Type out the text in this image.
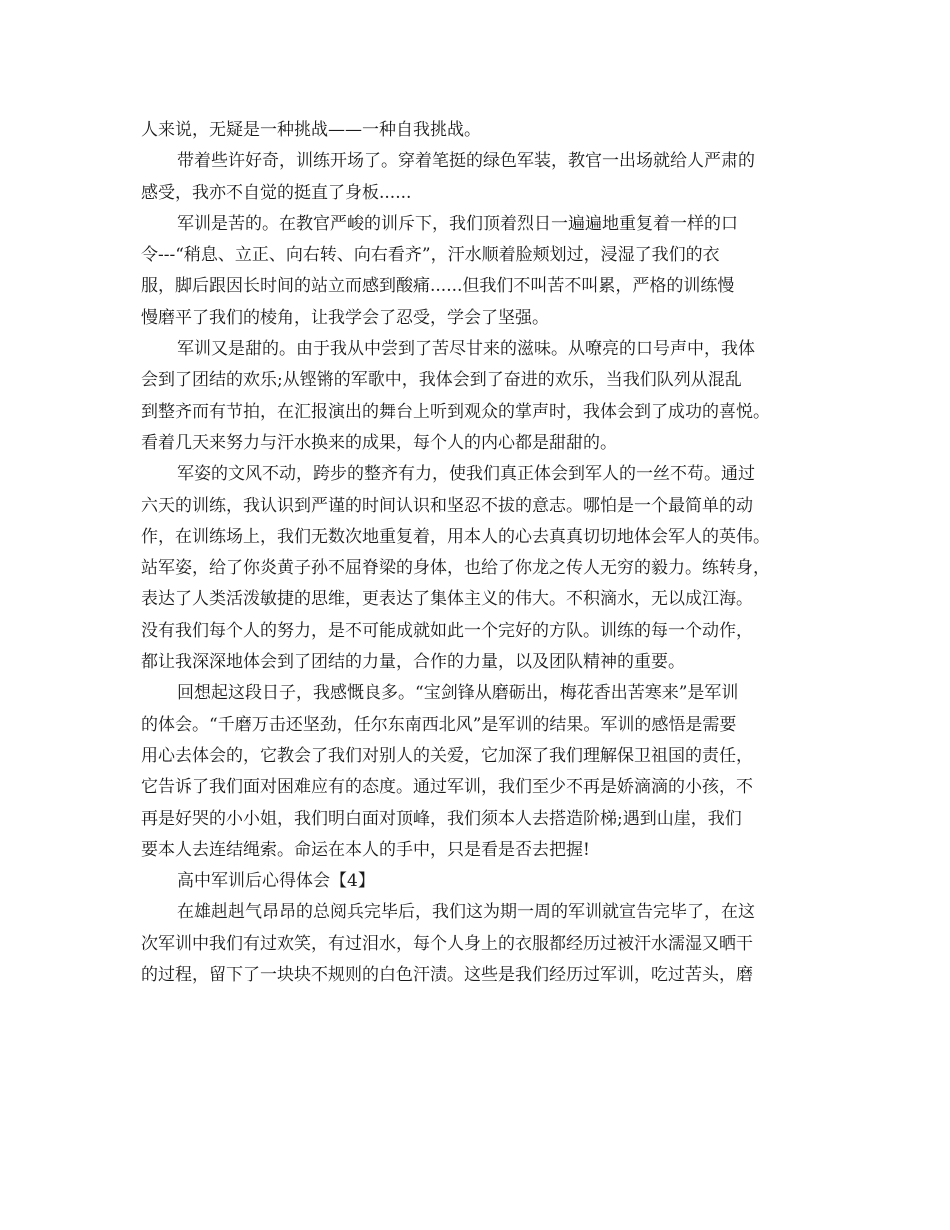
人来说，无疑是一种挑战——一种自我挑战。

带着些许好奇，训练开场了。穿着笔挺的绿色军装，教官一出场就给人严肃的

感受，我亦不自觉的挺直了身板......

军训是苦的。在教官严峻的训斥下，我们顶着烈日一遍遍地重复着一样的口

令---“稍息、立正、向右转、向右看齐”，汗水顺着脸颊划过，浸湿了我们的衣

服，脚后跟因长时间的站立而感到酸痛......但我们不叫苦不叫累，严格的训练慢

慢磨平了我们的棱角，让我学会了忍受，学会了坚强。

军训又是甜的。由于我从中尝到了苦尽甘来的滋味。从嘹亮的口号声中，我体

会到了团结的欢乐;从铿锵的军歌中，我体会到了奋进的欢乐，当我们队列从混乱

到整齐而有节拍，在汇报演出的舞台上听到观众的掌声时，我体会到了成功的喜悦。

看着几天来努力与汗水换来的成果，每个人的内心都是甜甜的。

军姿的文风不动，跨步的整齐有力，使我们真正体会到军人的一丝不苟。通过

六天的训练，我认识到严谨的时间认识和坚忍不拔的意志。哪怕是一个最简单的动

作，在训练场上，我们无数次地重复着，用本人的心去真真切切地体会军人的英伟。

站军姿，给了你炎黄子孙不屈脊梁的身体，也给了你龙之传人无穷的毅力。练转身，

表达了人类活泼敏捷的思维，更表达了集体主义的伟大。不积滴水，无以成江海。

没有我们每个人的努力，是不可能成就如此一个完好的方队。训练的每一个动作，

都让我深深地体会到了团结的力量，合作的力量，以及团队精神的重要。

回想起这段日子，我感慨良多。“宝剑锋从磨砺出，梅花香出苦寒来”是军训

的体会。“千磨万击还坚劲，任尔东南西北风”是军训的结果。军训的感悟是需要

用心去体会的，它教会了我们对别人的关爱，它加深了我们理解保卫祖国的责任，

它告诉了我们面对困难应有的态度。通过军训，我们至少不再是娇滴滴的小孩，不

再是好哭的小小姐，我们明白面对顶峰，我们须本人去搭造阶梯;遇到山崖，我们

要本人去连结绳索。命运在本人的手中，只是看是否去把握!

高中军训后心得体会【4】

在雄赳赳气昂昂的总阅兵完毕后，我们这为期一周的军训就宣告完毕了，在这

次军训中我们有过欢笑，有过泪水，每个人身上的衣服都经历过被汗水濡湿又晒干

的过程，留下了一块块不规则的白色汗渍。这些是我们经历过军训，吃过苦头，磨
